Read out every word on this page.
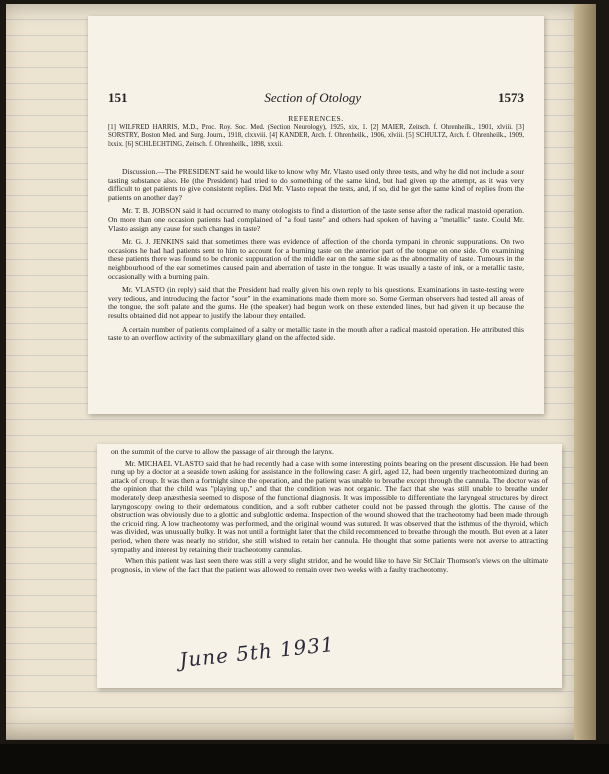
151	Section of Otology	1573
REFERENCES.
[1] WILFRED HARRIS, M.D., Proc. Roy. Soc. Med. (Section Neurology), 1925, xix, 1. [2] MAIER, Zeitsch. f. Ohrenheilk., 1901, xlviii. [3] SORSTRY, Boston Med. and Surg. Journ., 1918, clxxviii. [4] KANDER, Arch. f. Ohrenheilk., 1906, xlviii. [5] SCHULTZ, Arch. f. Ohrenheilk., 1909, lxxix. [6] SCHLECHTING, Zeitsch. f. Ohrenheilk., 1898, xxxii.

Discussion.—The PRESIDENT said he would like to know why Mr. Vlasto used only three tests, and why he did not include a sour tasting substance also. He (the President) had tried to do something of the same kind, but had given up the attempt, as it was very difficult to get patients to give consistent replies. Did Mr. Vlasto repeat the tests, and, if so, did he get the same kind of replies from the patients on another day?

Mr. T. B. JOBSON said it had occurred to many otologists to find a distortion of the taste sense after the radical mastoid operation. On more than one occasion patients had complained of "a foul taste" and others had spoken of having a "metallic" taste. Could Mr. Vlasto assign any cause for such changes in taste?

Mr. G. J. JENKINS said that sometimes there was evidence of affection of the chorda tympani in chronic suppurations. On two occasions he had had patients sent to him to account for a burning taste on the anterior part of the tongue on one side. On examining these patients there was found to be chronic suppuration of the middle ear on the same side as the abnormality of taste. Tumours in the neighbourhood of the ear sometimes caused pain and aberration of taste in the tongue. It was usually a taste of ink, or a metallic taste, occasionally with a burning pain.

Mr. VLASTO (in reply) said that the President had really given his own reply to his questions. Examinations in taste-testing were very tedious, and introducing the factor "sour" in the examinations made them more so. Some German observers had tested all areas of the tongue, the soft palate and the gums. He (the speaker) had begun work on these extended lines, but had given it up because the results obtained did not appear to justify the labour they entailed.

A certain number of patients complained of a salty or metallic taste in the mouth after a radical mastoid operation. He attributed this taste to an overflow activity of the submaxillary gland on the affected side.

on the summit of the curve to allow the passage of air through the larynx.

Mr. MICHAEL VLASTO said that he had recently had a case with some interesting points bearing on the present discussion. He had been rung up by a doctor at a seaside town asking for assistance in the following case: A girl, aged 12, had been urgently tracheotomized during an attack of croup. It was then a fortnight since the operation, and the patient was unable to breathe except through the cannula. The doctor was of the opinion that the child was "playing up," and that the condition was not organic. The fact that she was still unable to breathe under moderately deep anæsthesia seemed to dispose of the functional diagnosis. It was impossible to differentiate the laryngeal structures by direct laryngoscopy owing to their œdematous condition, and a soft rubber catheter could not be passed through the glottis. The cause of the obstruction was obviously due to a glottic and subglottic œdema. Inspection of the wound showed that the tracheotomy had been made through the cricoid ring. A low tracheotomy was performed, and the original wound was sutured. It was observed that the isthmus of the thyroid, which was divided, was unusually bulky. It was not until a fortnight later that the child recommenced to breathe through the mouth. But even at a later period, when there was nearly no stridor, she still wished to retain her cannula. He thought that some patients were not averse to attracting sympathy and interest by retaining their tracheotomy cannulas.

When this patient was last seen there was still a very slight stridor, and he would like to have Sir StClair Thomson's views on the ultimate prognosis, in view of the fact that the patient was allowed to remain over two weeks with a faulty tracheotomy.

June 5th 1931
